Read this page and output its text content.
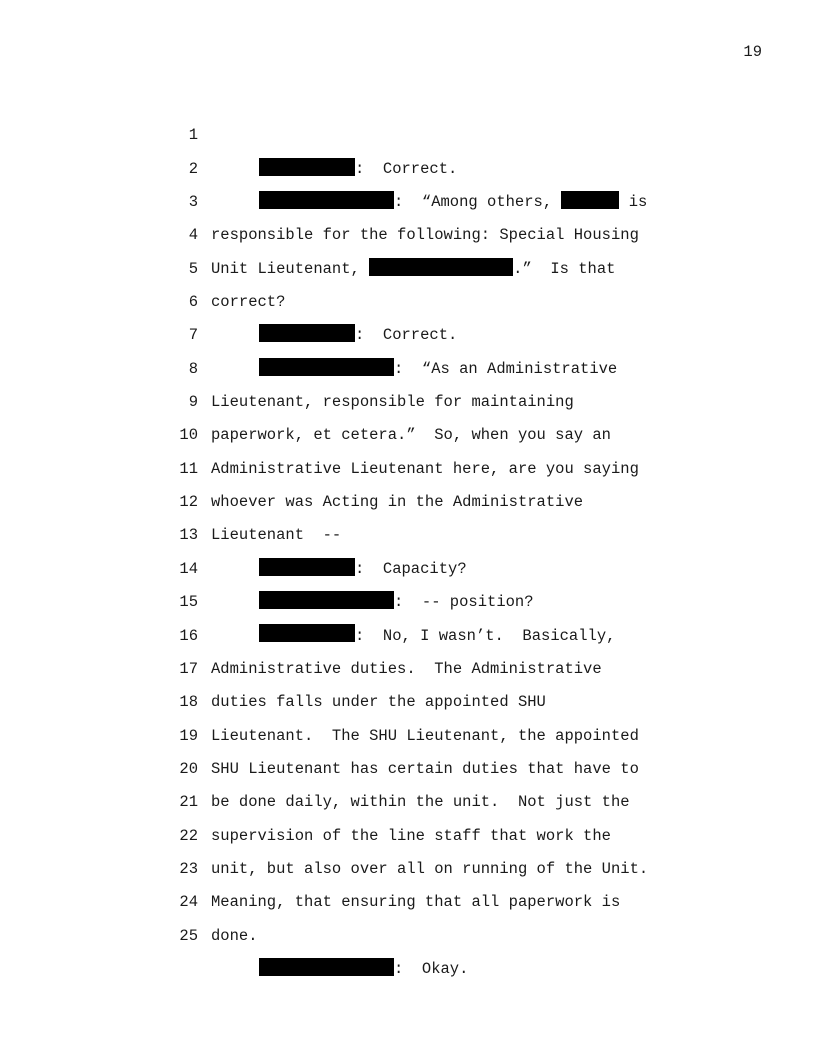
19

1

:  Correct.

2

:  “Among others,	is

3

responsible for the following: Special Housing

4

Unit Lieutenant,	.”  Is that

5

correct?

6

:  Correct.

7

:  “As an Administrative

8

Lieutenant, responsible for maintaining

9

paperwork, et cetera.”  So, when you say an

10

Administrative Lieutenant here, are you saying

11

whoever was Acting in the Administrative

12

Lieutenant  --

13

:  Capacity?

14

:  -- position?

15

:  No, I wasn’t.  Basically,

16

Administrative duties.  The Administrative

17

duties falls under the appointed SHU

18

Lieutenant.  The SHU Lieutenant, the appointed

19

SHU Lieutenant has certain duties that have to

20

be done daily, within the unit.  Not just the

21

supervision of the line staff that work the

22

unit, but also over all on running of the Unit.

23

Meaning, that ensuring that all paperwork is

24

done.

25

:  Okay.
